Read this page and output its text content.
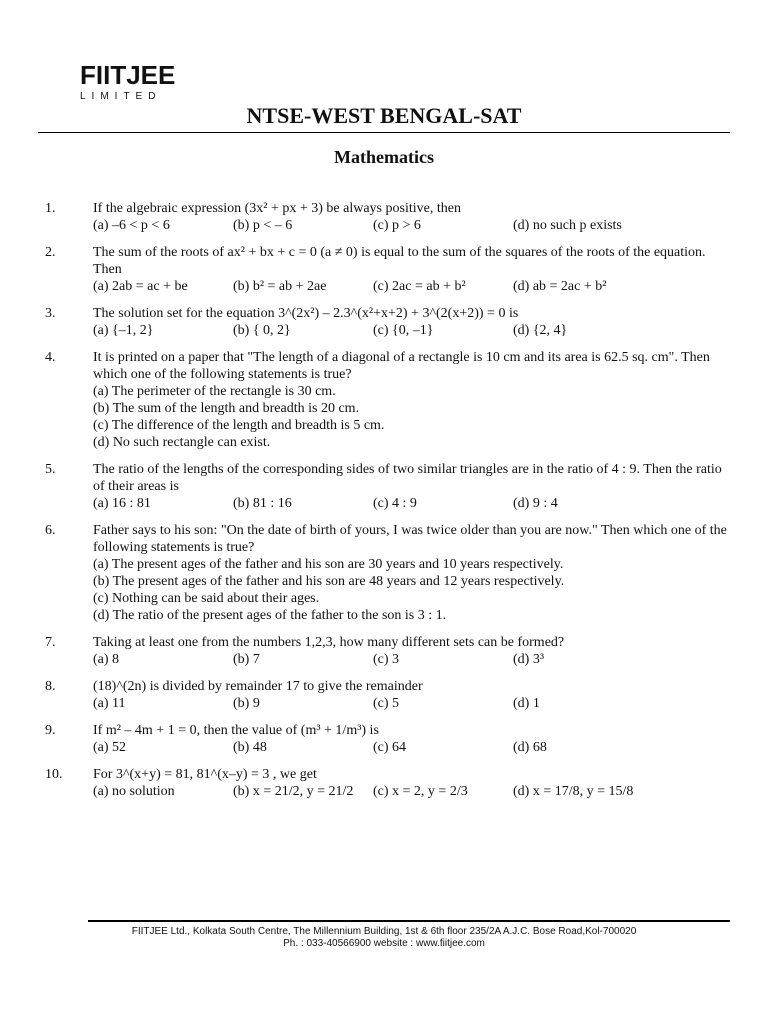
FIITJEE
LIMITED
NTSE-WEST BENGAL-SAT
Mathematics
1.	If the algebraic expression (3x² + px + 3) be always positive, then
(a) –6 < p < 6	(b) p < – 6	(c) p > 6	(d) no such p exists
2.	The sum of the roots of ax² + bx + c = 0 (a ≠ 0) is equal to the sum of the squares of the roots of the equation. Then
(a) 2ab = ac + be	(b) b² = ab + 2ae	(c) 2ac = ab + b²	(d) ab = 2ac + b²
3.	The solution set for the equation 3^(2x²) – 2.3^(x²+x+2) + 3^(2(x+2)) = 0 is
(a) {–1, 2}	(b) { 0, 2}	(c) {0, –1}	(d) {2, 4}
4.	It is printed on a paper that "The length of a diagonal of a rectangle is 10 cm and its area is 62.5 sq. cm". Then which one of the following statements is true?
(a) The perimeter of the rectangle is 30 cm.
(b) The sum of the length and breadth is 20 cm.
(c) The difference of the length and breadth is 5 cm.
(d) No such rectangle can exist.
5.	The ratio of the lengths of the corresponding sides of two similar triangles are in the ratio of 4 : 9. Then the ratio of their areas is
(a) 16 : 81	(b) 81 : 16	(c) 4 : 9	(d) 9 : 4
6.	Father says to his son: "On the date of birth of yours, I was twice older than you are now." Then which one of the following statements is true?
(a) The present ages of the father and his son are 30 years and 10 years respectively.
(b) The present ages of the father and his son are 48 years and 12 years respectively.
(c) Nothing can be said about their ages.
(d) The ratio of the present ages of the father to the son is 3 : 1.
7.	Taking at least one from the numbers 1,2,3, how many different sets can be formed?
(a) 8	(b) 7	(c) 3	(d) 3³
8.	(18)^(2n) is divided by remainder 17 to give the remainder
(a) 11	(b) 9	(c) 5	(d) 1
9.	If m² – 4m + 1 = 0, then the value of (m³ + 1/m³) is
(a) 52	(b) 48	(c) 64	(d) 68
10.	For 3^(x+y) = 81, 81^(x–y) = 3 , we get
(a) no solution	(b) x = 21/2, y = 21/2	(c) x = 2, y = 2/3	(d) x = 17/8, y = 15/8
FIITJEE Ltd., Kolkata South Centre, The Millennium Building, 1st & 6th floor 235/2A A.J.C. Bose Road,Kol-700020
Ph. : 033-40566900 website : www.fiitjee.com
